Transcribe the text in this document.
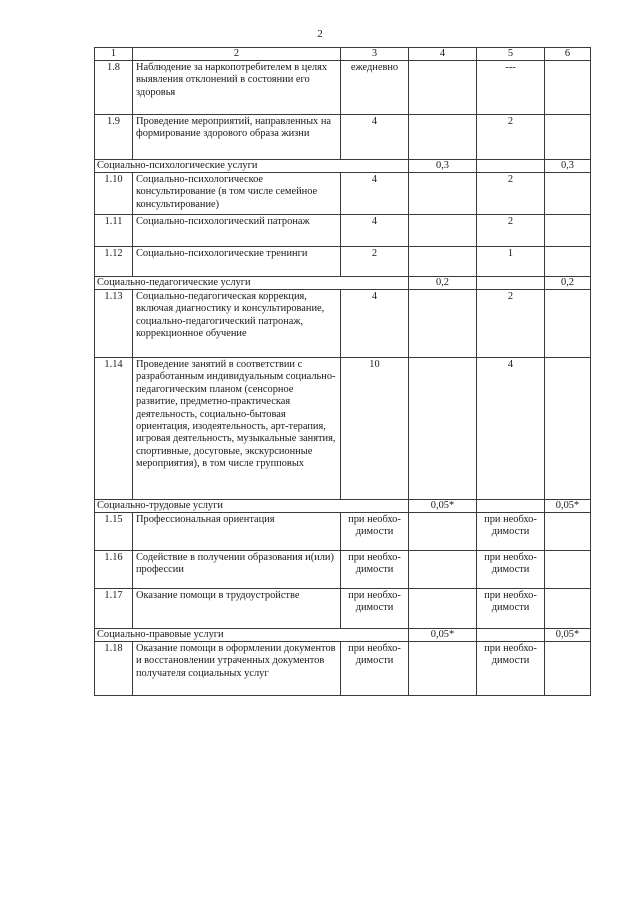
2
1	2	3	4	5	6
1.8	Наблюдение за наркопотребителем в целях выявления отклонений в состоянии его здоровья	ежедневно		---	
1.9	Проведение мероприятий, направленных на формирование здорового образа жизни	4		2	
Социально-психологические услуги			0,3		0,3
1.10	Социально-психологическое консультирование (в том числе семейное консультирование)	4		2	
1.11	Социально-психологический патронаж	4		2	
1.12	Социально-психологические тренинги	2		1	
Социально-педагогические услуги			0,2		0,2
1.13	Социально-педагогическая коррекция, включая диагностику и консультирование, социально-педагогический патронаж, коррекционное обучение	4		2	
1.14	Проведение занятий в соответствии с разработанным индивидуальным социально-педагогическим планом (сенсорное развитие, предметно-практическая деятельность, социально-бытовая ориентация, изодеятельность, арт-терапия, игровая деятельность, музыкальные занятия, спортивные, досуговые, экскурсионные мероприятия), в том числе групповых	10		4	
Социально-трудовые услуги			0,05*		0,05*
1.15	Профессиональная ориентация	при необхо-димости		при необхо-димости	
1.16	Содействие в получении образования и(или) профессии	при необхо-димости		при необхо-димости	
1.17	Оказание помощи в трудоустройстве	при необхо-димости		при необхо-димости	
Социально-правовые услуги			0,05*		0,05*
1.18	Оказание помощи в оформлении документов и восстановлении утраченных документов получателя социальных услуг	при необхо-димости		при необхо-димости	
